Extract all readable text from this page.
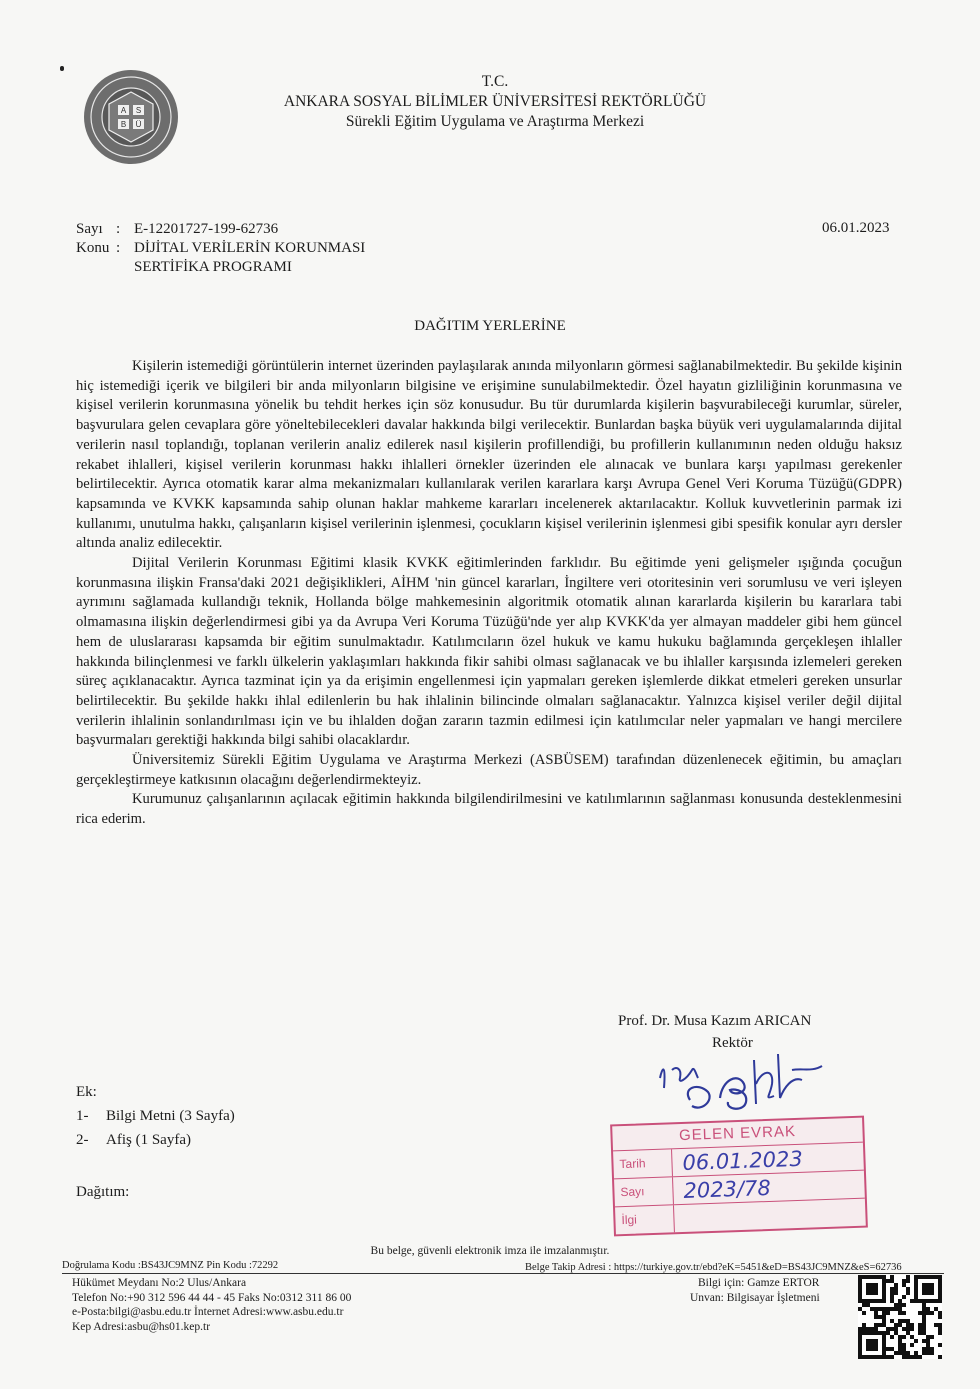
A S
B Ü
T.C.
ANKARA SOSYAL BİLİMLER ÜNİVERSİTESİ REKTÖRLÜĞÜ
Sürekli Eğitim Uygulama ve Araştırma Merkezi
Sayı : E-12201727-199-62736
Konu : DİJİTAL VERİLERİN KORUNMASI
SERTİFİKA PROGRAMI
06.01.2023
DAĞITIM YERLERİNE

Kişilerin istemediği görüntülerin internet üzerinden paylaşılarak anında milyonların görmesi sağlanabilmektedir. Bu şekilde kişinin hiç istemediği içerik ve bilgileri bir anda milyonların bilgisine ve erişimine sunulabilmektedir. Özel hayatın gizliliğinin korunmasına ve kişisel verilerin korunmasına yönelik bu tehdit herkes için söz konusudur. Bu tür durumlarda kişilerin başvurabileceği kurumlar, süreler, başvurulara gelen cevaplara göre yöneltebilecekleri davalar hakkında bilgi verilecektir. Bunlardan başka büyük veri uygulamalarında dijital verilerin nasıl toplandığı, toplanan verilerin analiz edilerek nasıl kişilerin profillendiği, bu profillerin kullanımının neden olduğu haksız rekabet ihlalleri, kişisel verilerin korunması hakkı ihlalleri örnekler üzerinden ele alınacak ve bunlara karşı yapılması gerekenler belirtilecektir. Ayrıca otomatik karar alma mekanizmaları kullanılarak verilen kararlara karşı Avrupa Genel Veri Koruma Tüzüğü(GDPR) kapsamında ve KVKK kapsamında sahip olunan haklar mahkeme kararları incelenerek aktarılacaktır. Kolluk kuvvetlerinin parmak izi kullanımı, unutulma hakkı, çalışanların kişisel verilerinin işlenmesi, çocukların kişisel verilerinin işlenmesi gibi spesifik konular ayrı dersler altında analiz edilecektir.

Dijital Verilerin Korunması Eğitimi klasik KVKK eğitimlerinden farklıdır. Bu eğitimde yeni gelişmeler ışığında çocuğun korunmasına ilişkin Fransa'daki 2021 değişiklikleri, AİHM 'nin güncel kararları, İngiltere veri otoritesinin veri sorumlusu ve veri işleyen ayrımını sağlamada kullandığı teknik, Hollanda bölge mahkemesinin algoritmik otomatik alınan kararlarda kişilerin bu kararlara tabi olmamasına ilişkin değerlendirmesi gibi ya da Avrupa Veri Koruma Tüzüğü'nde yer alıp KVKK'da yer almayan maddeler gibi hem güncel hem de uluslararası kapsamda bir eğitim sunulmaktadır. Katılımcıların özel hukuk ve kamu hukuku bağlamında gerçekleşen ihlaller hakkında bilinçlenmesi ve farklı ülkelerin yaklaşımları hakkında fikir sahibi olması sağlanacak ve bu ihlaller karşısında izlemeleri gereken süreç açıklanacaktır. Ayrıca tazminat için ya da erişimin engellenmesi için yapmaları gereken işlemlerde dikkat etmeleri gereken unsurlar belirtilecektir. Bu şekilde hakkı ihlal edilenlerin bu hak ihlalinin bilincinde olmaları sağlanacaktır. Yalnızca kişisel veriler değil dijital verilerin ihlalinin sonlandırılması için ve bu ihlalden doğan zararın tazmin edilmesi için katılımcılar neler yapmaları ve hangi mercilere başvurmaları gerektiği hakkında bilgi sahibi olacaklardır.

Üniversitemiz Sürekli Eğitim Uygulama ve Araştırma Merkezi (ASBÜSEM) tarafından düzenlenecek eğitimin, bu amaçları gerçekleştirmeye katkısının olacağını değerlendirmekteyiz.

Kurumunuz çalışanlarının açılacak eğitimin hakkında bilgilendirilmesini ve katılımlarının sağlanması konusunda desteklenmesini rica ederim.

Prof. Dr. Musa Kazım ARICAN
Rektör
Ek:
1-	Bilgi Metni (3 Sayfa)
2-	Afiş (1 Sayfa)
Dağıtım:
GELEN EVRAK
Tarih	06.01.2023
Sayı	2023/78
İlgi
Bu belge, güvenli elektronik imza ile imzalanmıştır.
Doğrulama Kodu :BS43JC9MNZ Pin Kodu :72292	Belge Takip Adresi : https://turkiye.gov.tr/ebd?eK=5451&eD=BS43JC9MNZ&eS=62736
Hükümet Meydanı No:2 Ulus/Ankara
Telefon No:+90 312 596 44 44 - 45 Faks No:0312 311 86 00
e-Posta:bilgi@asbu.edu.tr İnternet Adresi:www.asbu.edu.tr
Kep Adresi:asbu@hs01.kep.tr
Bilgi için: Gamze ERTOR
Unvan: Bilgisayar İşletmeni
